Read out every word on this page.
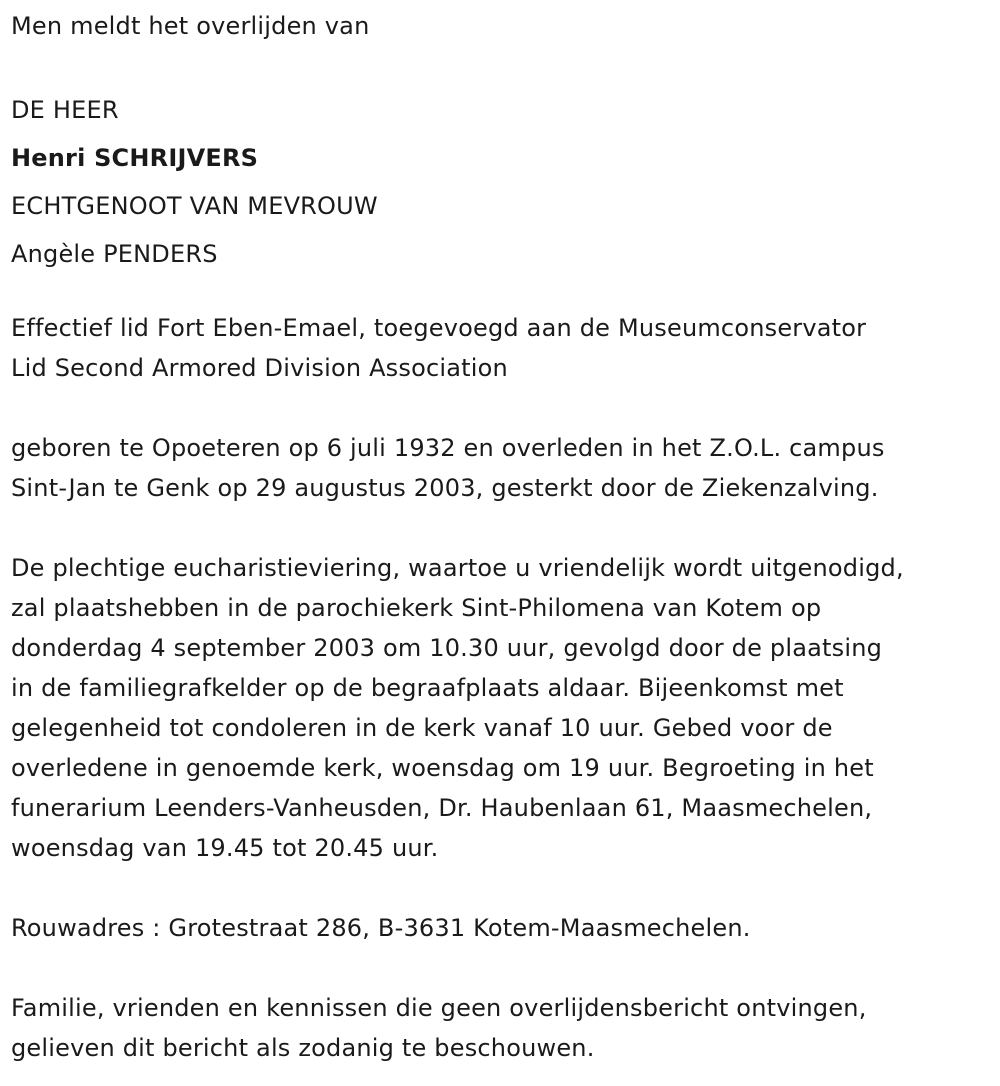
Men meldt het overlijden van
DE HEER
Henri SCHRIJVERS
ECHTGENOOT VAN MEVROUW
Angèle PENDERS
Effectief lid Fort Eben-Emael, toegevoegd aan de Museumconservator
Lid Second Armored Division Association
geboren te Opoeteren op 6 juli 1932 en overleden in het Z.O.L. campus
Sint-Jan te Genk op 29 augustus 2003, gesterkt door de Ziekenzalving.
De plechtige eucharistieviering, waartoe u vriendelijk wordt uitgenodigd,
zal plaatshebben in de parochiekerk Sint-Philomena van Kotem op
donderdag 4 september 2003 om 10.30 uur, gevolgd door de plaatsing
in de familiegrafkelder op de begraafplaats aldaar. Bijeenkomst met
gelegenheid tot condoleren in de kerk vanaf 10 uur. Gebed voor de
overledene in genoemde kerk, woensdag om 19 uur. Begroeting in het
funerarium Leenders-Vanheusden, Dr. Haubenlaan 61, Maasmechelen,
woensdag van 19.45 tot 20.45 uur.
Rouwadres : Grotestraat 286, B-3631 Kotem-Maasmechelen.
Familie, vrienden en kennissen die geen overlijdensbericht ontvingen,
gelieven dit bericht als zodanig te beschouwen.
